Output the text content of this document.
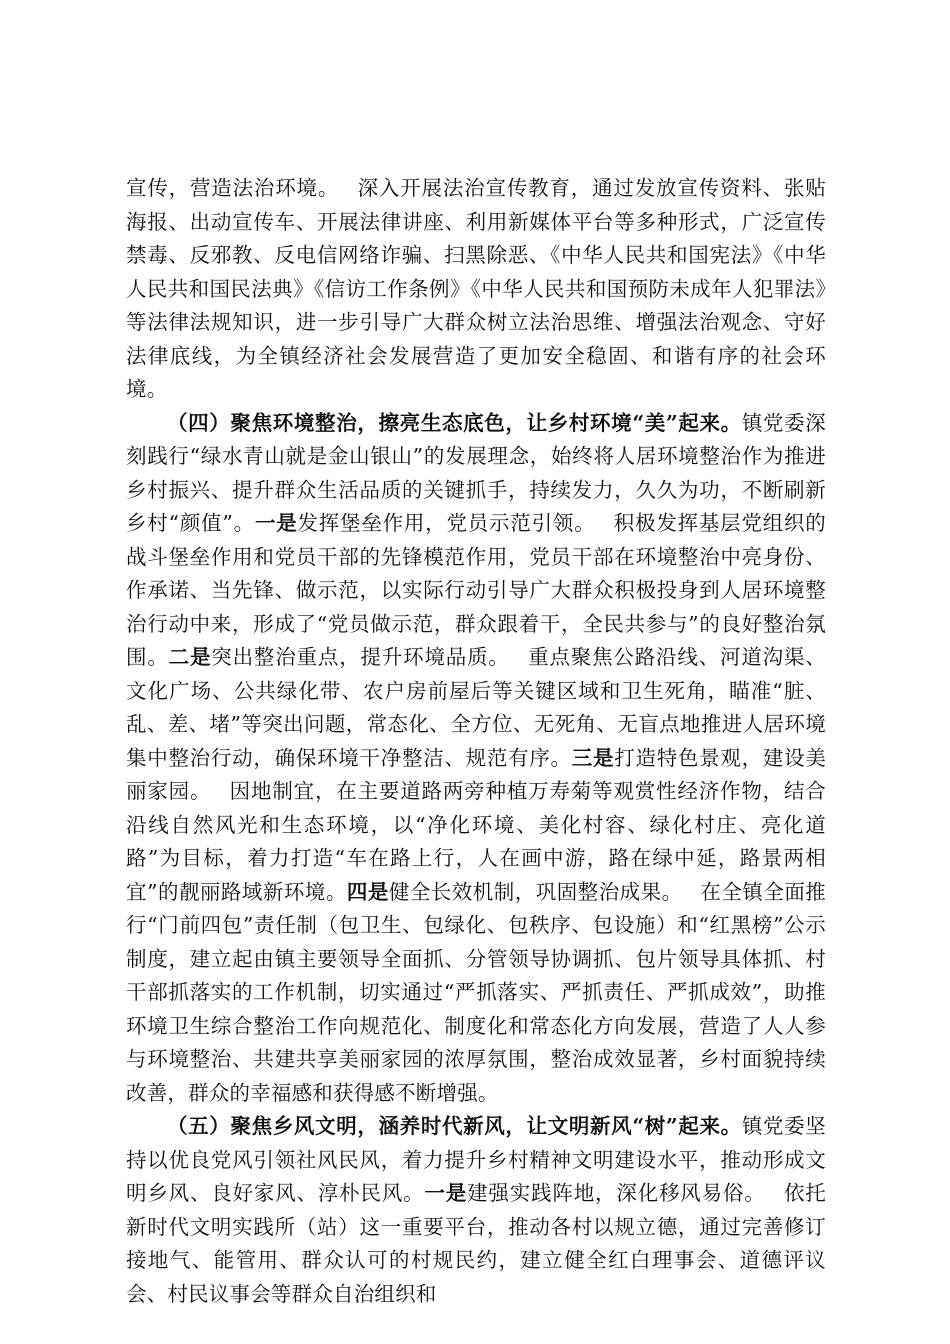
宣传，营造法治环境。　 深入开展法治宣传教育，通过发放宣传资料、张贴海报、出动宣传车、开展法律讲座、利用新媒体平台等多种形式，广泛宣传禁毒、反邪教、反电信网络诈骗、扫黑除恶、《中华人民共和国宪法》《中华人民共和国民法典》《信访工作条例》《中华人民共和国预防未成年人犯罪法》等法律法规知识，进一步引导广大群众树立法治思维、增强法治观念、守好法律底线，为全镇经济社会发展营造了更加安全稳固、和谐有序的社会环境。

（四）聚焦环境整治，擦亮生态底色，让乡村环境“美”起来。镇党委深刻践行“绿水青山就是金山银山”的发展理念，始终将人居环境整治作为推进乡村振兴、提升群众生活品质的关键抓手，持续发力，久久为功，不断刷新乡村“颜值”。一是发挥堡垒作用，党员示范引领。　 积极发挥基层党组织的战斗堡垒作用和党员干部的先锋模范作用，党员干部在环境整治中亮身份、作承诺、当先锋、做示范，以实际行动引导广大群众积极投身到人居环境整治行动中来，形成了“党员做示范，群众跟着干，全民共参与”的良好整治氛围。二是突出整治重点，提升环境品质。　 重点聚焦公路沿线、河道沟渠、文化广场、公共绿化带、农户房前屋后等关键区域和卫生死角，瞄准“脏、乱、差、堵”等突出问题，常态化、全方位、无死角、无盲点地推进人居环境集中整治行动，确保环境干净整洁、规范有序。三是打造特色景观，建设美丽家园。　 因地制宜，在主要道路两旁种植万寿菊等观赏性经济作物，结合沿线自然风光和生态环境，以“净化环境、美化村容、绿化村庄、亮化道路”为目标，着力打造“车在路上行，人在画中游，路在绿中延，路景两相宜”的靓丽路域新环境。四是健全长效机制，巩固整治成果。　 在全镇全面推行“门前四包”责任制（包卫生、包绿化、包秩序、包设施）和“红黑榜”公示制度，建立起由镇主要领导全面抓、分管领导协调抓、包片领导具体抓、村干部抓落实的工作机制，切实通过“严抓落实、严抓责任、严抓成效”，助推环境卫生综合整治工作向规范化、制度化和常态化方向发展，营造了人人参与环境整治、共建共享美丽家园的浓厚氛围，整治成效显著，乡村面貌持续改善，群众的幸福感和获得感不断增强。

（五）聚焦乡风文明，涵养时代新风，让文明新风“树”起来。镇党委坚持以优良党风引领社风民风，着力提升乡村精神文明建设水平，推动形成文明乡风、良好家风、淳朴民风。一是建强实践阵地，深化移风易俗。　 依托新时代文明实践所（站）这一重要平台，推动各村以规立德，通过完善修订接地气、能管用、群众认可的村规民约，建立健全红白理事会、道德评议会、村民议事会等群众自治组织和
